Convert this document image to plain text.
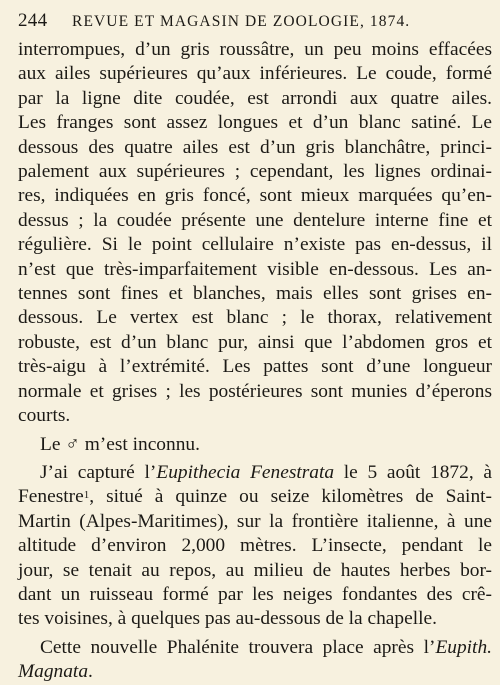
244	REVUE ET MAGASIN DE ZOOLOGIE, 1874.

interrompues, d’un gris roussâtre, un peu moins effacées
aux ailes supérieures qu’aux inférieures. Le coude, formé
par la ligne dite coudée, est arrondi aux quatre ailes.
Les franges sont assez longues et d’un blanc satiné. Le
dessous des quatre ailes est d’un gris blanchâtre, princi-
palement aux supérieures ; cependant, les lignes ordinai-
res, indiquées en gris foncé, sont mieux marquées qu’en-
dessus ; la coudée présente une dentelure interne fine et
régulière. Si le point cellulaire n’existe pas en-dessus, il
n’est que très-imparfaitement visible en-dessous. Les an-
tennes sont fines et blanches, mais elles sont grises en-
dessous. Le vertex est blanc ; le thorax, relativement
robuste, est d’un blanc pur, ainsi que l’abdomen gros et
très-aigu à l’extrémité. Les pattes sont d’une longueur
normale et grises ; les postérieures sont munies d’éperons
courts.

Le ♂ m’est inconnu.

J’ai capturé l’Eupithecia Fenestrata le 5 août 1872, à
Fenestre$^1$, situé à quinze ou seize kilomètres de Saint-
Martin (Alpes-Maritimes), sur la frontière italienne, à une
altitude d’environ 2,000 mètres. L’insecte, pendant le
jour, se tenait au repos, au milieu de hautes herbes bor-
dant un ruisseau formé par les neiges fondantes des crê-
tes voisines, à quelques pas au-dessous de la chapelle.

Cette nouvelle Phalénite trouvera place après l’Eupith.
Magnata.
